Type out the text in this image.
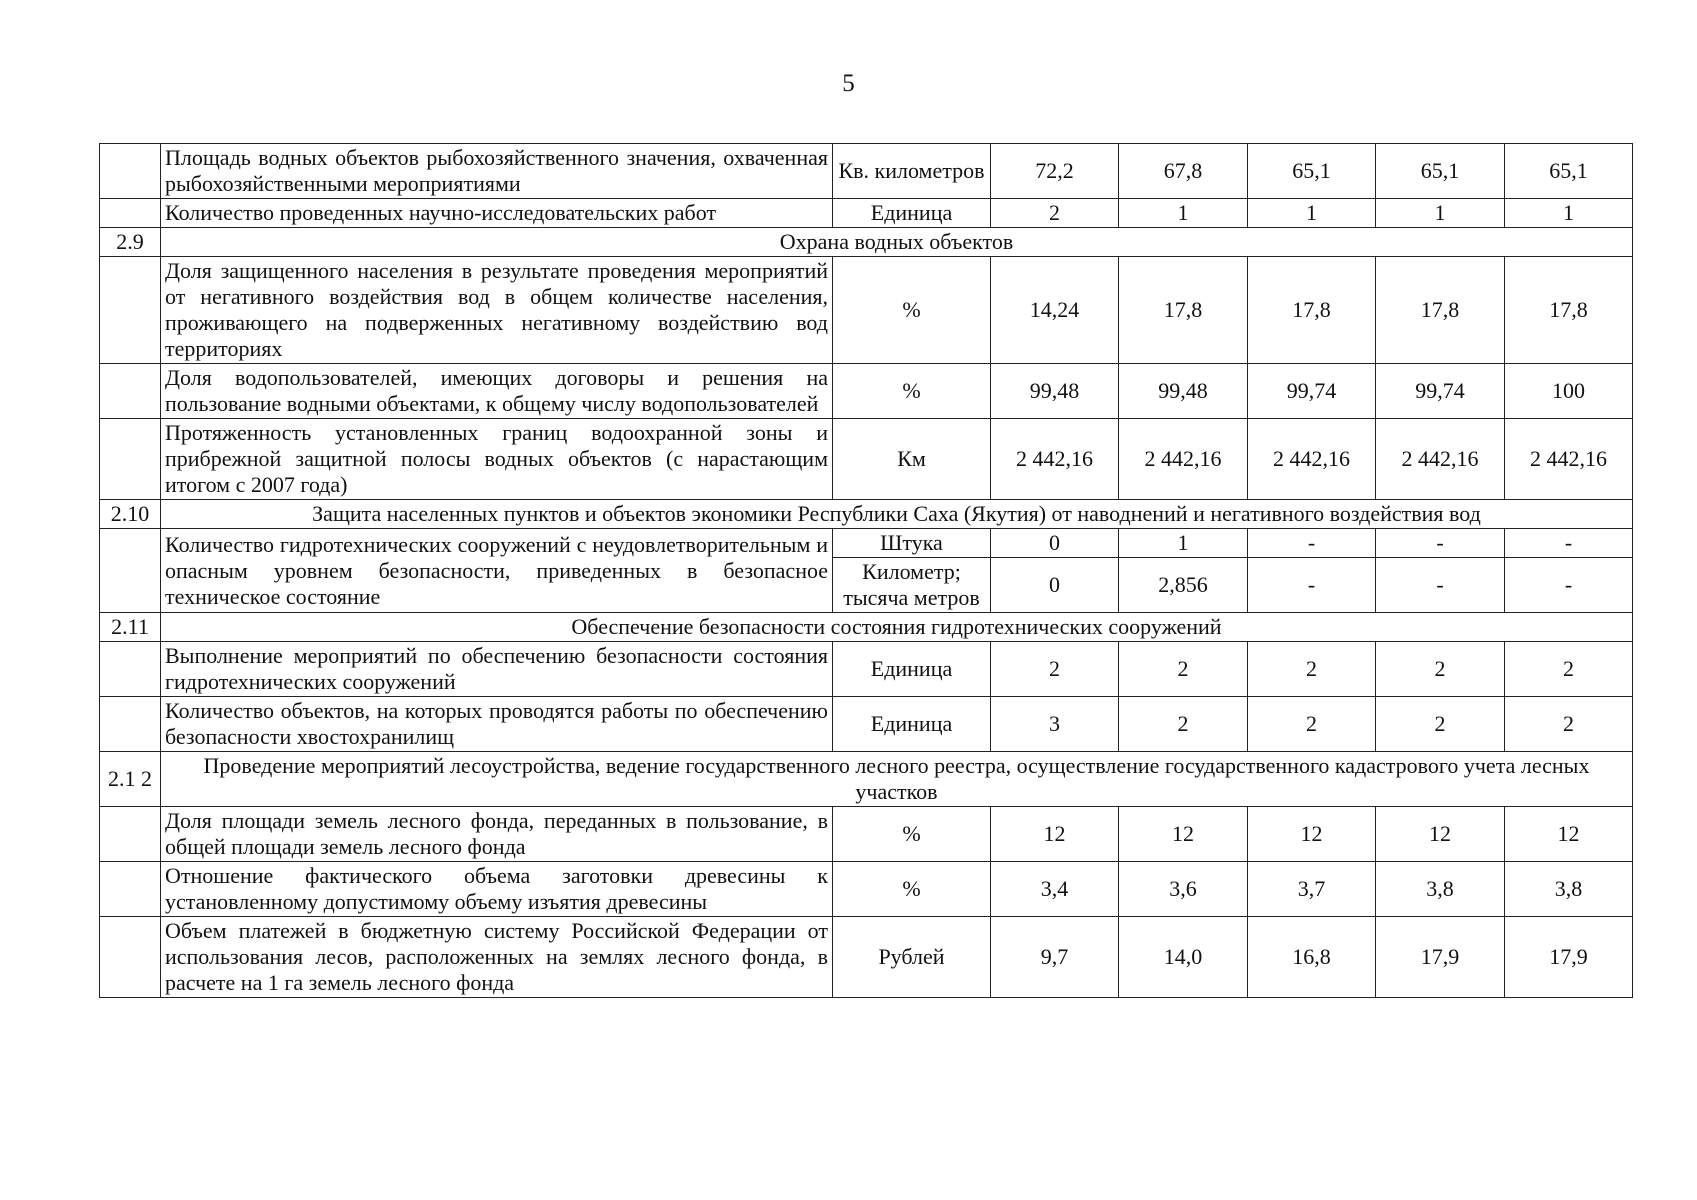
5
	Площадь водных объектов рыбохозяйственного значения, охваченная рыбохозяйственными мероприятиями	Кв. километров	72,2	67,8	65,1	65,1	65,1
	Количество проведенных научно-исследовательских работ	Единица	2	1	1	1	1
2.9	Охрана водных объектов						
	Доля защищенного населения в результате проведения мероприятий от негативного воздействия вод в общем количестве населения, проживающего на подверженных негативному воздействию вод территориях	%	14,24	17,8	17,8	17,8	17,8
	Доля водопользователей, имеющих договоры и решения на пользование водными объектами, к общему числу водопользователей	%	99,48	99,48	99,74	99,74	100
	Протяженность установленных границ водоохранной зоны и прибрежной защитной полосы водных объектов (с нарастающим итогом с 2007 года)	Км	2 442,16	2 442,16	2 442,16	2 442,16	2 442,16
2.10	Защита населенных пунктов и объектов экономики Республики Саха (Якутия) от наводнений и негативного воздействия вод						
	Количество гидротехнических сооружений с неудовлетворительным и опасным уровнем безопасности, приведенных в безопасное техническое состояние	Штука	0	1	-	-	-
		Километр; тысяча метров	0	2,856	-	-	-
2.11	Обеспечение безопасности состояния гидротехнических сооружений						
	Выполнение мероприятий по обеспечению безопасности состояния гидротехнических сооружений	Единица	2	2	2	2	2
	Количество объектов, на которых проводятся работы по обеспечению безопасности хвостохранилищ	Единица	3	2	2	2	2
2.1 2	Проведение мероприятий лесоустройства, ведение государственного лесного реестра, осуществление государственного кадастрового учета лесных участков						
	Доля площади земель лесного фонда, переданных в пользование, в общей площади земель лесного фонда	%	12	12	12	12	12
	Отношение фактического объема заготовки древесины к установленному допустимому объему изъятия древесины	%	3,4	3,6	3,7	3,8	3,8
	Объем платежей в бюджетную систему Российской Федерации от использования лесов, расположенных на землях лесного фонда, в расчете на 1 га земель лесного фонда	Рублей	9,7	14,0	16,8	17,9	17,9
